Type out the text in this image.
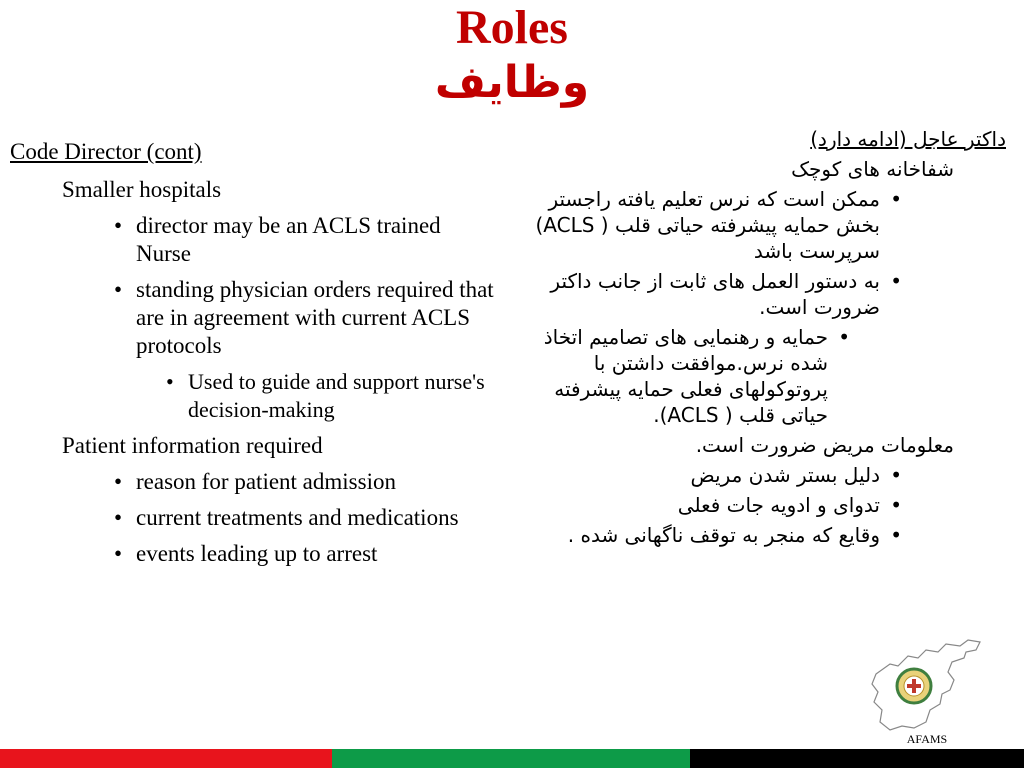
Roles
وظایف
Code Director (cont)
Smaller hospitals
• director may be an ACLS trained Nurse
• standing physician orders required that are in agreement with current ACLS protocols
• Used to guide and support nurse's decision-making
Patient information required
• reason for patient admission
• current treatments and medications
• events leading up to arrest
داکتر عاجل (ادامه دارد)
شفاخانه های کوچک
• ممکن است که نرس تعلیم یافته راجستر بخش حمایه پیشرفته حیاتی قلب ( ACLS) سرپرست باشد
• به دستور العمل های ثابت از جانب داکتر ضرورت است.
• حمایه و رهنمایی های تصامیم اتخاذ شده نرس.موافقت داشتن با پروتوکولهای فعلی حمایه پیشرفته حیاتی قلب ( ACLS).
معلومات مریض ضرورت است.
• دلیل بستر شدن مریض
• تدوای و ادویه جات فعلی
• وقایع که منجر به توقف ناگهانی شده .
AFAMS
